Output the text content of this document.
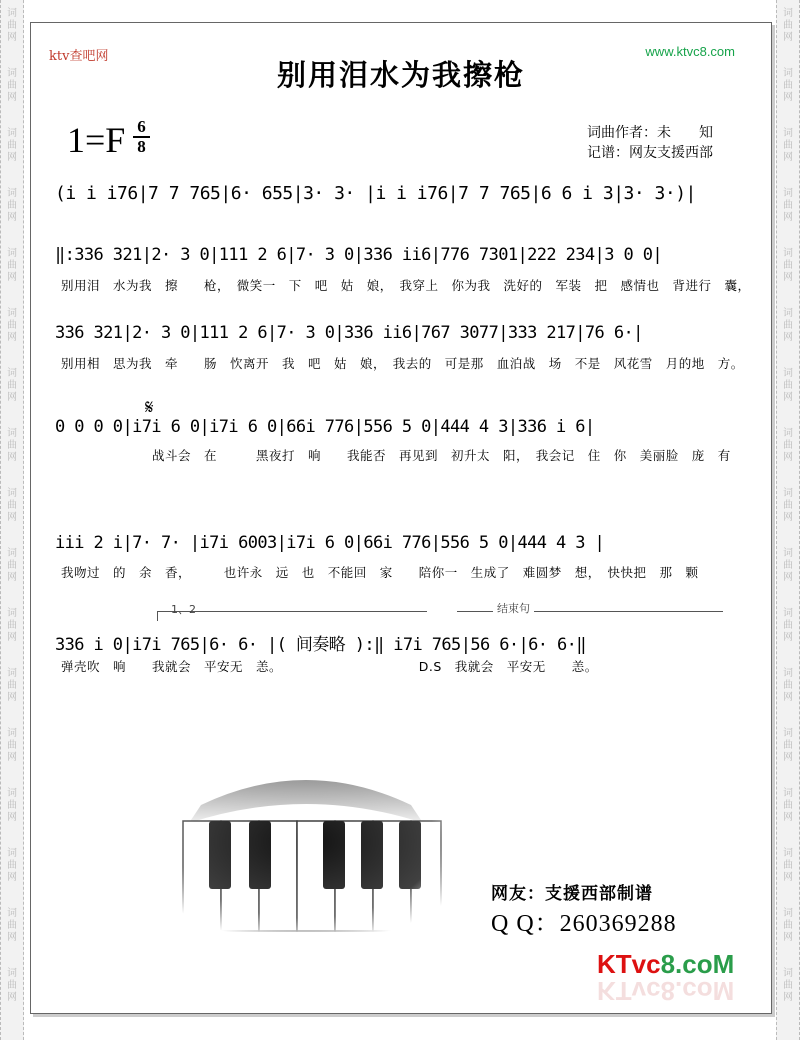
词
曲
网
词
曲
网
词
曲
网
词
曲
网
词
曲
网
词
曲
网
词
曲
网
词
曲
网
词
曲
网
词
曲
网
词
曲
网
词
曲
网
词
曲
网
词
曲
网
词
曲
网
词
曲
网
词
曲
网
词
曲
网
词
曲
网
词
曲
网
词
曲
网
词
曲
网
词
曲
网
词
曲
网
词
曲
网
词
曲
网
词
曲
网
词
曲
网
词
曲
网
词
曲
网
词
曲
网
词
曲
网
词
曲
网
词
曲
网
ktv查吧网	www.ktvc8.com
别用泪水为我擦枪
1=F 6
8
词曲作者：未　　知
记谱：网友支援西部
(i i i76|7 7 765|6· 655|3· 3· |i i i76|7 7 765|6 6 i 3|3· 3·)|
‖:336 321|2· 3 0|111 2 6|7· 3 0|336 ii6|776 7301|222 234|3 0 0|
别用泪　水为我　擦　　枪，　微笑一　下　吧　姑　娘，　我穿上　你为我　洗好的　军装　把　感情也　背进行　囊，
336 321|2· 3 0|111 2 6|7· 3 0|336 ii6|767 3077|333 217|76 6·|
别用相　思为我　牵　　肠　忺离开　我　吧　姑　娘，　我去的　可是那　血泊战　场　不是　风花雪　月的地　方。
𝄋
0 0 0 0|i7i 6 0|i7i 6 0|66i 776|556 5 0|444 4 3|336 i 6|
　　　　　　　战斗会　在　　　黑夜打　响　　我能否　再见到　初升太　阳，　我会记　住　你　美丽脸　庞　有
iii 2 i|7· 7· |i7i 6003|i7i 6 0|66i 776|556 5 0|444 4 3 |
我吻过　的　余　香，　　　也许永　远　也　不能回　家　　陪你一　生成了　难圆梦　想，　快快把　那　颗
1、2	结束句
336 i 0|i7i 765|6· 6· |( 间奏略 ):‖ i7i 765|56 6·|6· 6·‖
弹壳吹　响　　我就会　平安无　恙。　　　　　　　　　　　D.S　我就会　平安无　　恙。
网友：支援西部制谱
Q Q：260369288
KTvc8.coM
KTvc8.coM
